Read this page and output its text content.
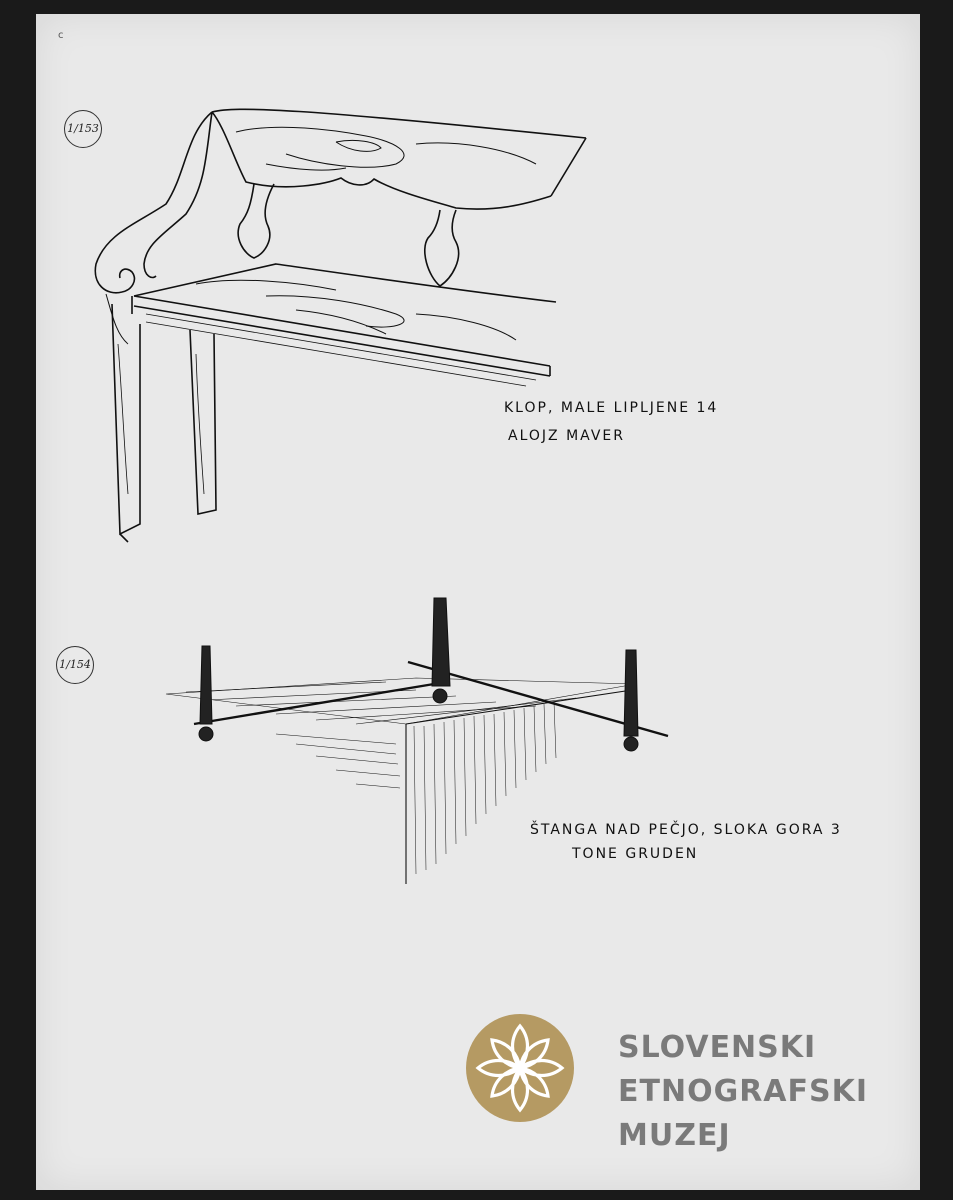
c
1/153
KLOP, MALE LIPLJENE 14
ALOJZ MAVER
1/154
ŠTANGA NAD PEČJO, SLOKA GORA 3
TONE GRUDEN
SLOVENSKI
ETNOGRAFSKI
MUZEJ
